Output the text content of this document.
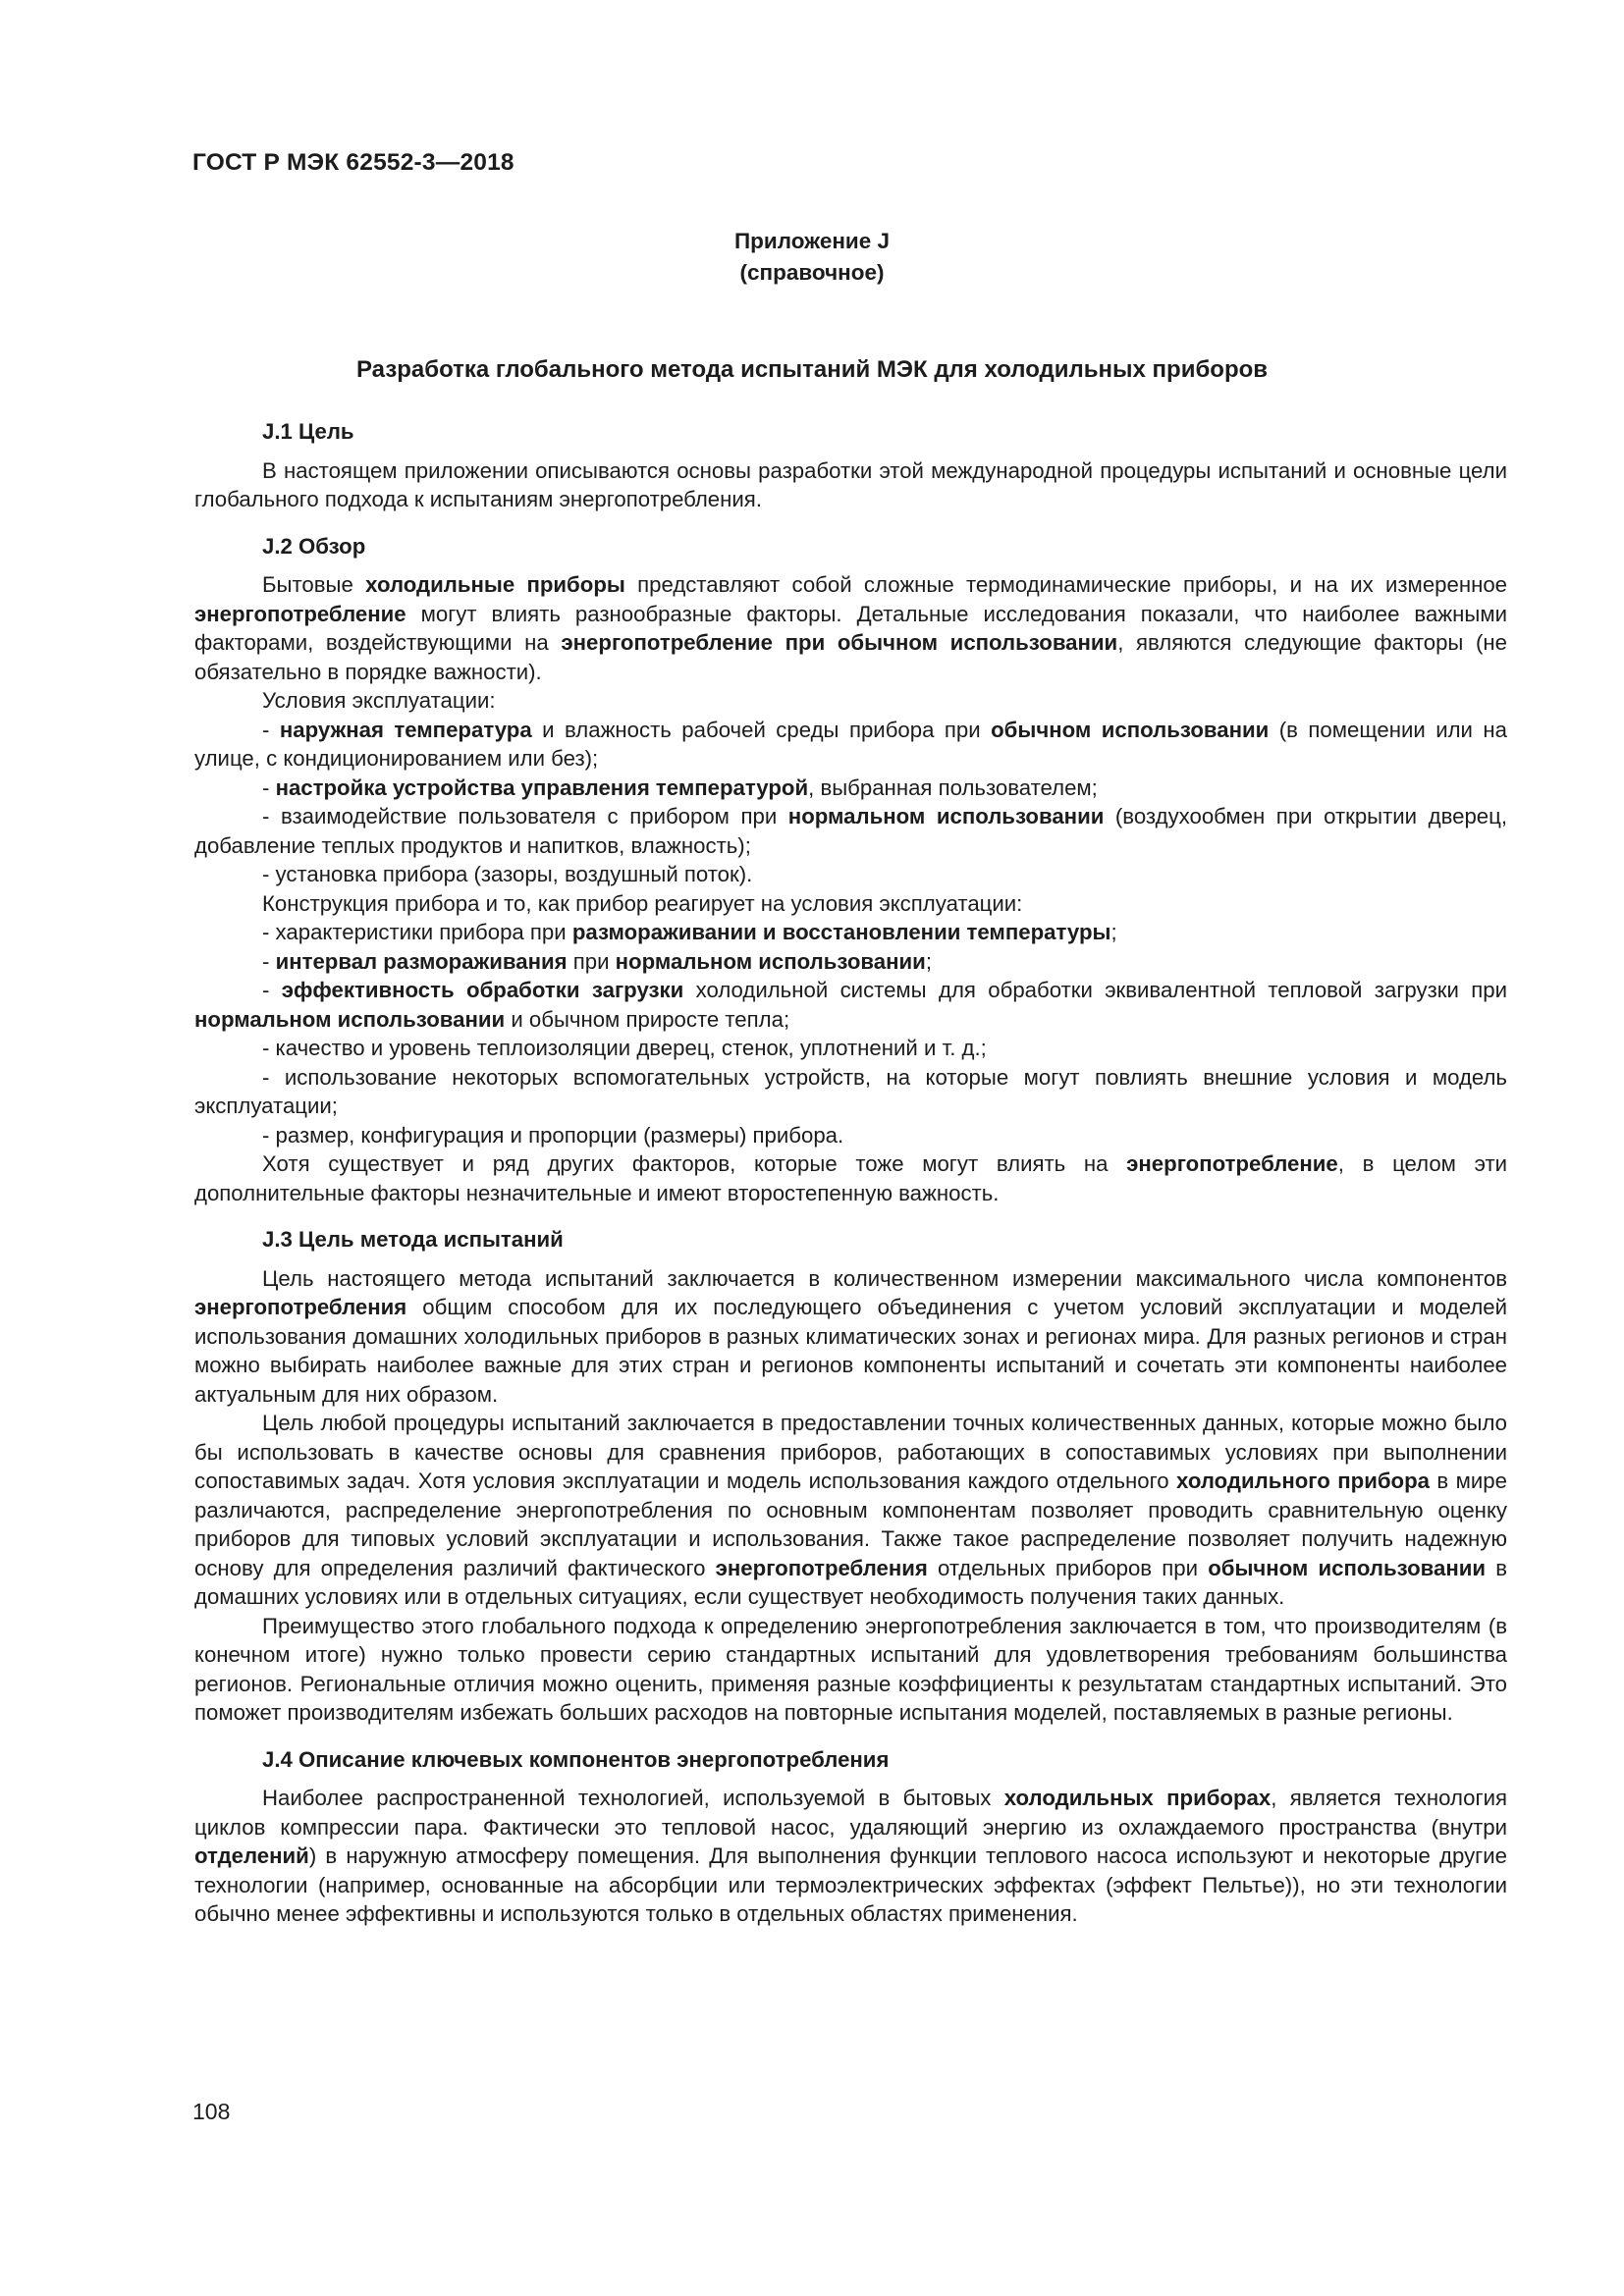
ГОСТ Р МЭК 62552-3—2018
Приложение J
(справочное)
Разработка глобального метода испытаний МЭК для холодильных приборов
J.1 Цель

В настоящем приложении описываются основы разработки этой международной процедуры испытаний и основные цели глобального подхода к испытаниям энергопотребления.

J.2 Обзор

Бытовые холодильные приборы представляют собой сложные термодинамические приборы, и на их измеренное энергопотребление могут влиять разнообразные факторы. Детальные исследования показали, что наиболее важными факторами, воздействующими на энергопотребление при обычном использовании, являются следующие факторы (не обязательно в порядке важности).

Условия эксплуатации:

- наружная температура и влажность рабочей среды прибора при обычном использовании (в помещении или на улице, с кондиционированием или без);

- настройка устройства управления температурой, выбранная пользователем;

- взаимодействие пользователя с прибором при нормальном использовании (воздухообмен при открытии дверец, добавление теплых продуктов и напитков, влажность);

- установка прибора (зазоры, воздушный поток).

Конструкция прибора и то, как прибор реагирует на условия эксплуатации:

- характеристики прибора при размораживании и восстановлении температуры;

- интервал размораживания при нормальном использовании;

- эффективность обработки загрузки холодильной системы для обработки эквивалентной тепловой загрузки при нормальном использовании и обычном приросте тепла;

- качество и уровень теплоизоляции дверец, стенок, уплотнений и т. д.;

- использование некоторых вспомогательных устройств, на которые могут повлиять внешние условия и модель эксплуатации;

- размер, конфигурация и пропорции (размеры) прибора.

Хотя существует и ряд других факторов, которые тоже могут влиять на энергопотребление, в целом эти дополнительные факторы незначительные и имеют второстепенную важность.

J.3 Цель метода испытаний

Цель настоящего метода испытаний заключается в количественном измерении максимального числа компонентов энергопотребления общим способом для их последующего объединения с учетом условий эксплуатации и моделей использования домашних холодильных приборов в разных климатических зонах и регионах мира. Для разных регионов и стран можно выбирать наиболее важные для этих стран и регионов компоненты испытаний и сочетать эти компоненты наиболее актуальным для них образом.

Цель любой процедуры испытаний заключается в предоставлении точных количественных данных, которые можно было бы использовать в качестве основы для сравнения приборов, работающих в сопоставимых условиях при выполнении сопоставимых задач. Хотя условия эксплуатации и модель использования каждого отдельного холодильного прибора в мире различаются, распределение энергопотребления по основным компонентам позволяет проводить сравнительную оценку приборов для типовых условий эксплуатации и использования. Также такое распределение позволяет получить надежную основу для определения различий фактического энергопотребления отдельных приборов при обычном использовании в домашних условиях или в отдельных ситуациях, если существует необходимость получения таких данных.

Преимущество этого глобального подхода к определению энергопотребления заключается в том, что производителям (в конечном итоге) нужно только провести серию стандартных испытаний для удовлетворения требованиям большинства регионов. Региональные отличия можно оценить, применяя разные коэффициенты к результатам стандартных испытаний. Это поможет производителям избежать больших расходов на повторные испытания моделей, поставляемых в разные регионы.

J.4 Описание ключевых компонентов энергопотребления

Наиболее распространенной технологией, используемой в бытовых холодильных приборах, является технология циклов компрессии пара. Фактически это тепловой насос, удаляющий энергию из охлаждаемого пространства (внутри отделений) в наружную атмосферу помещения. Для выполнения функции теплового насоса используют и некоторые другие технологии (например, основанные на абсорбции или термоэлектрических эффектах (эффект Пельтье)), но эти технологии обычно менее эффективны и используются только в отдельных областях применения.

108
